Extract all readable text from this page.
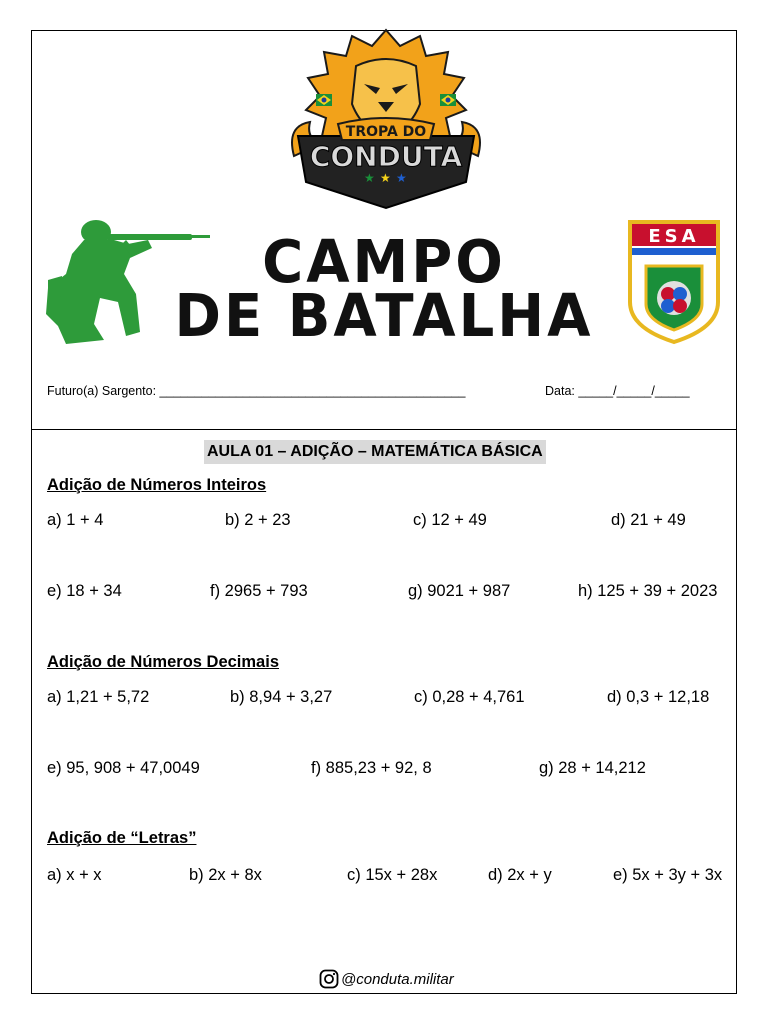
TROPA DO
CONDUTA
★ ★ ★
ESA
CAMPO
DE BATALHA
Futuro(a) Sargento: ____________________________________________	Data: _____/_____/_____
AULA 01 – ADIÇÃO – MATEMÁTICA BÁSICA
Adição de Números Inteiros
a) 1 + 4	b) 2 + 23	c) 12 + 49	d) 21 + 49
e) 18 + 34	f) 2965 + 793	g) 9021 + 987	h) 125 + 39 + 2023
Adição de Números Decimais
a) 1,21 + 5,72	b) 8,94 + 3,27	c) 0,28 + 4,761	d) 0,3 + 12,18
e) 95, 908 + 47,0049	f) 885,23 + 92, 8	g) 28 + 14,212
Adição de “Letras”
a) x + x	b) 2x + 8x	c) 15x + 28x	d) 2x + y	e) 5x + 3y + 3x
@conduta.militar
